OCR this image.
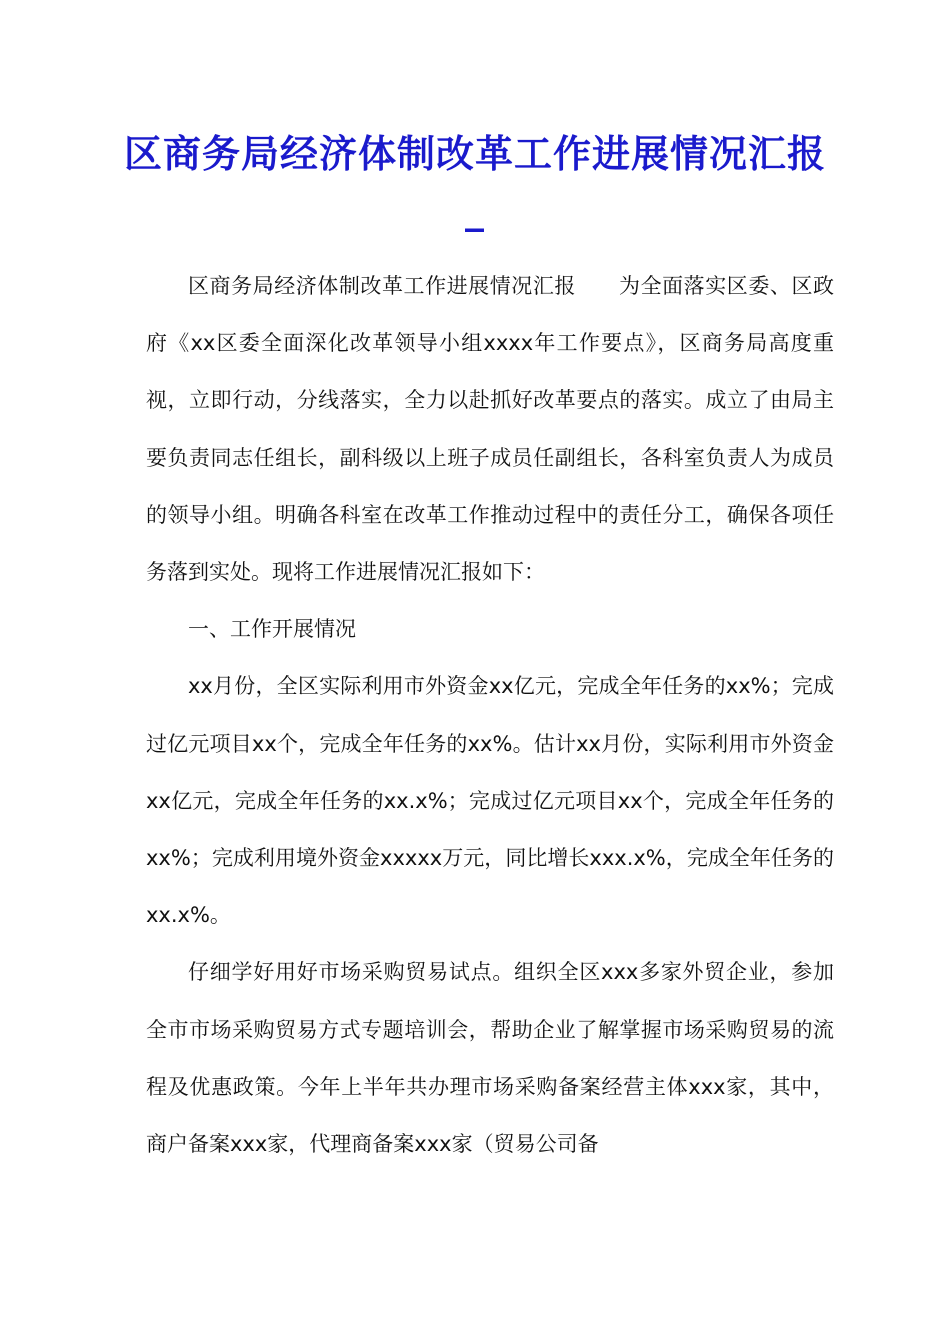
区商务局经济体制改革工作进展情况汇报_

区商务局经济体制改革工作进展情况汇报　　为全面落实区委、区政府《xx区委全面深化改革领导小组xxxx年工作要点》，区商务局高度重视，立即行动，分线落实，全力以赴抓好改革要点的落实。成立了由局主要负责同志任组长，副科级以上班子成员任副组长，各科室负责人为成员的领导小组。明确各科室在改革工作推动过程中的责任分工，确保各项任务落到实处。现将工作进展情况汇报如下：

一、工作开展情况

xx月份，全区实际利用市外资金xx亿元，完成全年任务的xx%；完成过亿元项目xx个，完成全年任务的xx%。估计xx月份，实际利用市外资金xx亿元，完成全年任务的xx.x%；完成过亿元项目xx个，完成全年任务的xx%；完成利用境外资金xxxxx万元，同比增长xxx.x%，完成全年任务的xx.x%。

仔细学好用好市场采购贸易试点。组织全区xxx多家外贸企业，参加全市市场采购贸易方式专题培训会，帮助企业了解掌握市场采购贸易的流程及优惠政策。今年上半年共办理市场采购备案经营主体xxx家，其中，商户备案xxx家，代理商备案xxx家（贸易公司备
